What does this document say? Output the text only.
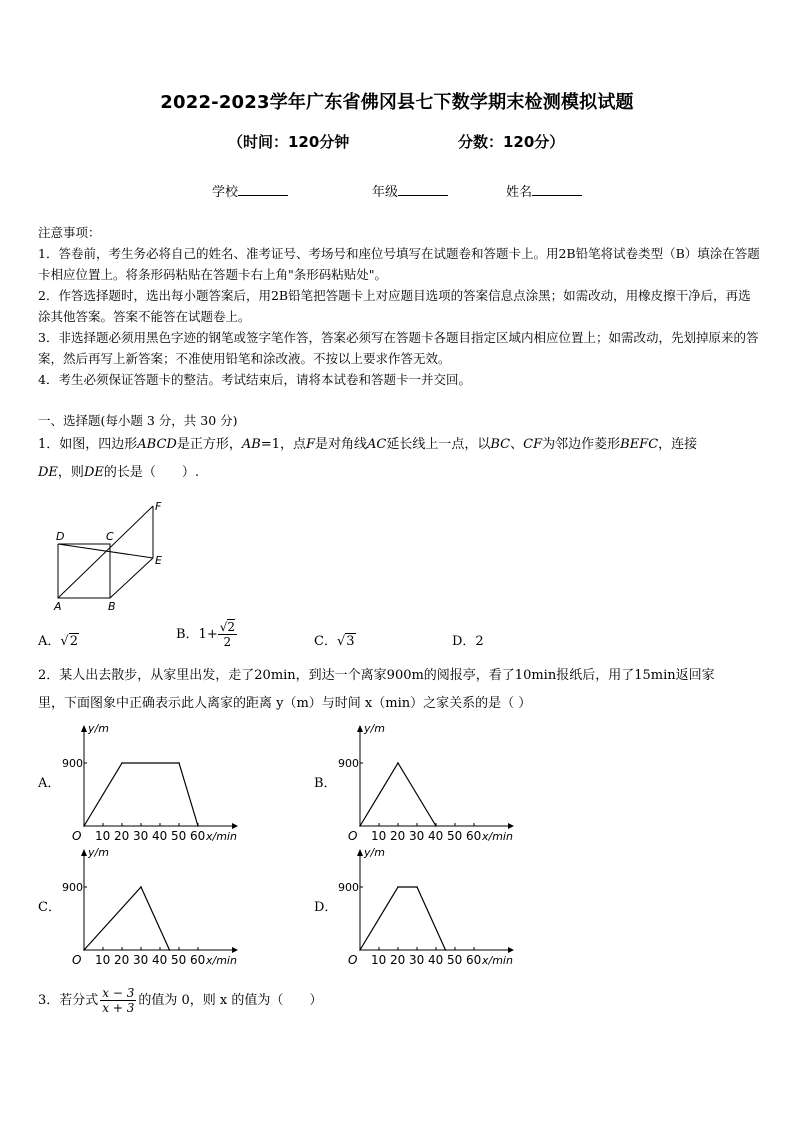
2022-2023学年广东省佛冈县七下数学期末检测模拟试题
（时间：120分钟	分数：120分）
学校	年级	姓名

注意事项：

1．答卷前，考生务必将自己的姓名、准考证号、考场号和座位号填写在试题卷和答题卡上。用2B铅笔将试卷类型（B）填涂在答题卡相应位置上。将条形码粘贴在答题卡右上角"条形码粘贴处"。

2．作答选择题时，选出每小题答案后，用2B铅笔把答题卡上对应题目选项的答案信息点涂黑；如需改动，用橡皮擦干净后，再选涂其他答案。答案不能答在试题卷上。

3．非选择题必须用黑色字迹的钢笔或签字笔作答，答案必须写在答题卡各题目指定区域内相应位置上；如需改动，先划掉原来的答案，然后再写上新答案；不准使用铅笔和涂改液。不按以上要求作答无效。

4．考生必须保证答题卡的整洁。考试结束后，请将本试卷和答题卡一并交回。

一、选择题(每小题 3 分，共 30 分)
1．如图，四边形ABCD是正方形，AB=1，点F是对角线AC延长线上一点，以BC、CF为邻边作菱形BEFC，连接
DE，则DE的长是（　　）.
D	C
F
E
A	B
A．√2	B．$1+ \frac{√2}{2}$	C．√3	D．2
2．某人出去散步，从家里出发，走了20min，到达一个离家900m的阅报亭，看了10min报纸后，用了15min返回家
里，下面图象中正确表示此人离家的距离 y（m）与时间 x（min）之家关系的是（ ）
A．	B．
C．	D．
y/m
O
900
10 20 30 40 50 60 x/min
y/m
O
900
10 20 30 40 50 60 x/min
y/m
O
900
10 20 30 40 50 60 x/min
y/m
O
900
10 20 30 40 50 60 x/min
3．若分式 $\frac{x - 3}{x + 3}$ 的值为 0，则 x 的值为（　　）
